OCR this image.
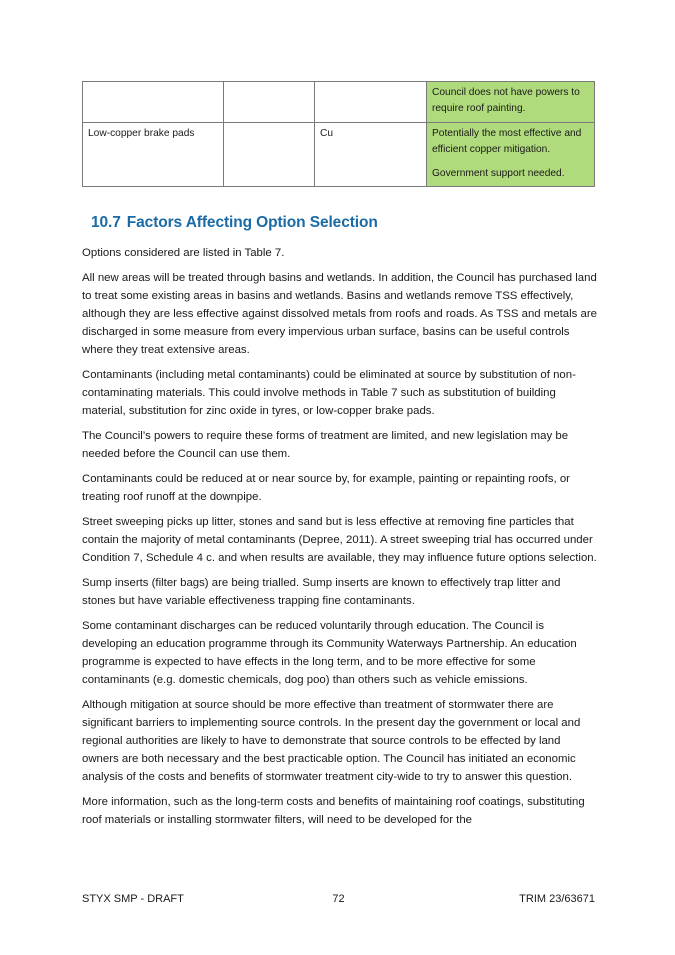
			Council does not have powers to require roof painting.

Low-copper brake pads		Cu	Potentially the most effective and efficient copper mitigation.

Government support needed.

10.7 Factors Affecting Option Selection

Options considered are listed in Table 7.

All new areas will be treated through basins and wetlands. In addition, the Council has purchased land to treat some existing areas in basins and wetlands. Basins and wetlands remove TSS effectively, although they are less effective against dissolved metals from roofs and roads. As TSS and metals are discharged in some measure from every impervious urban surface, basins can be useful controls where they treat extensive areas.

Contaminants (including metal contaminants) could be eliminated at source by substitution of non-contaminating materials. This could involve methods in Table 7 such as substitution of building material, substitution for zinc oxide in tyres, or low-copper brake pads.

The Council’s powers to require these forms of treatment are limited, and new legislation may be needed before the Council can use them.

Contaminants could be reduced at or near source by, for example, painting or repainting roofs, or treating roof runoff at the downpipe.

Street sweeping picks up litter, stones and sand but is less effective at removing fine particles that contain the majority of metal contaminants (Depree, 2011). A street sweeping trial has occurred under Condition 7, Schedule 4 c. and when results are available, they may influence future options selection.

Sump inserts (filter bags) are being trialled. Sump inserts are known to effectively trap litter and stones but have variable effectiveness trapping fine contaminants.

Some contaminant discharges can be reduced voluntarily through education. The Council is developing an education programme through its Community Waterways Partnership. An education programme is expected to have effects in the long term, and to be more effective for some contaminants (e.g. domestic chemicals, dog poo) than others such as vehicle emissions.

Although mitigation at source should be more effective than treatment of stormwater there are significant barriers to implementing source controls. In the present day the government or local and regional authorities are likely to have to demonstrate that source controls to be effected by land owners are both necessary and the best practicable option. The Council has initiated an economic analysis of the costs and benefits of stormwater treatment city-wide to try to answer this question.

More information, such as the long-term costs and benefits of maintaining roof coatings, substituting roof materials or installing stormwater filters, will need to be developed for the

STYX SMP - DRAFT	72	TRIM 23/63671
